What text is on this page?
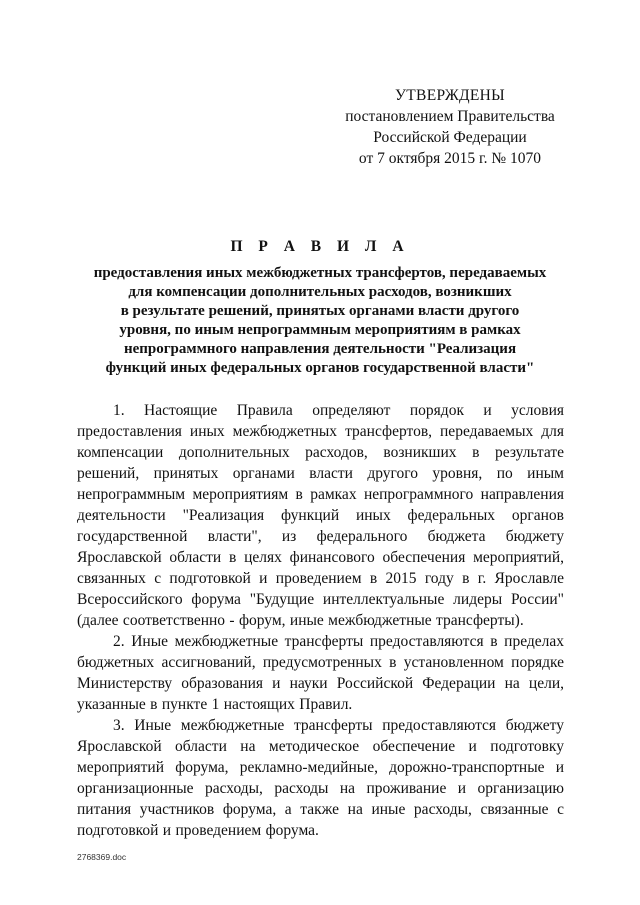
УТВЕРЖДЕНЫ
постановлением Правительства
Российской Федерации
от 7 октября 2015 г. № 1070
П Р А В И Л А
предоставления иных межбюджетных трансфертов, передаваемых
для компенсации дополнительных расходов, возникших
в результате решений, принятых органами власти другого
уровня, по иным непрограммным мероприятиям в рамках
непрограммного направления деятельности "Реализация
функций иных федеральных органов государственной власти"

1. Настоящие Правила определяют порядок и условия предоставления иных межбюджетных трансфертов, передаваемых для компенсации дополнительных расходов, возникших в результате решений, принятых органами власти другого уровня, по иным непрограммным мероприятиям в рамках непрограммного направления деятельности "Реализация функций иных федеральных органов государственной власти", из федерального бюджета бюджету Ярославской области в целях финансового обеспечения мероприятий, связанных с подготовкой и проведением в 2015 году в г. Ярославле Всероссийского форума "Будущие интеллектуальные лидеры России" (далее соответственно - форум, иные межбюджетные трансферты).

2. Иные межбюджетные трансферты предоставляются в пределах бюджетных ассигнований, предусмотренных в установленном порядке Министерству образования и науки Российской Федерации на цели, указанные в пункте 1 настоящих Правил.

3. Иные межбюджетные трансферты предоставляются бюджету Ярославской области на методическое обеспечение и подготовку мероприятий форума, рекламно-медийные, дорожно-транспортные и организационные расходы, расходы на проживание и организацию питания участников форума, а также на иные расходы, связанные с подготовкой и проведением форума.

2768369.doc
